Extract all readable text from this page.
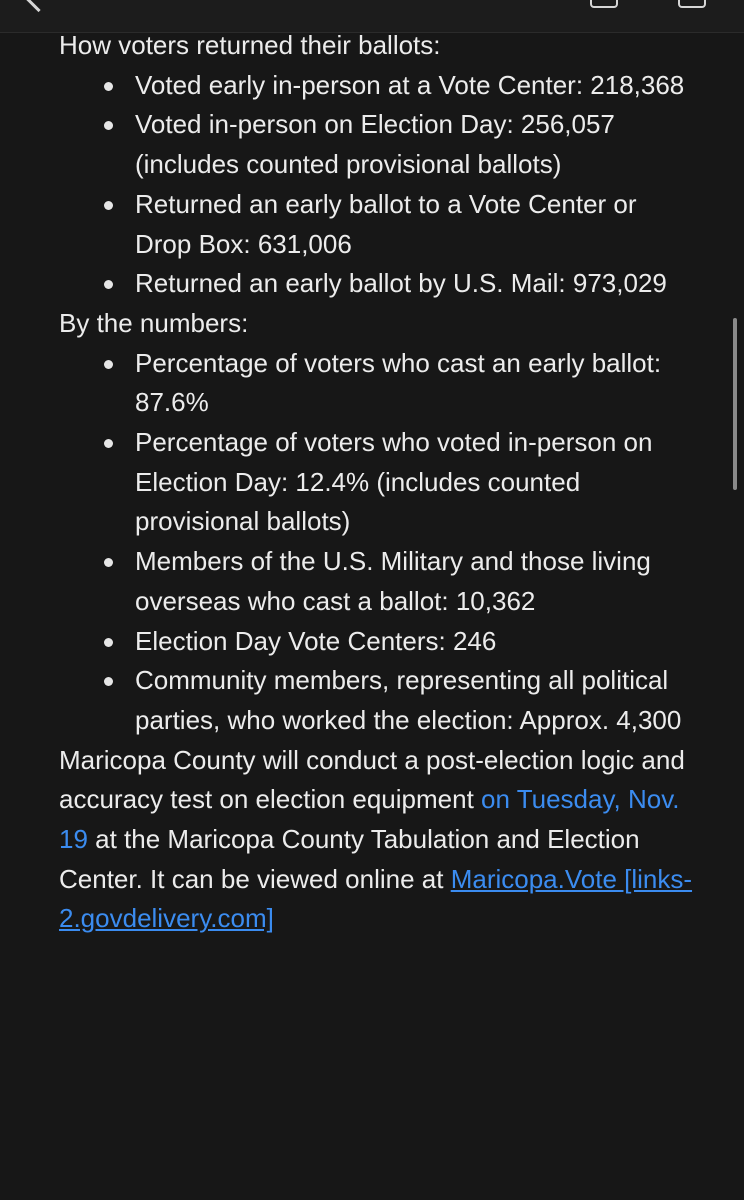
How voters returned their ballots:

Voted early in-person at a Vote Center: 218,368
Voted in-person on Election Day: 256,057 (includes counted provisional ballots)
Returned an early ballot to a Vote Center or Drop Box: 631,006
Returned an early ballot by U.S. Mail: 973,029

By the numbers:

Percentage of voters who cast an early ballot: 87.6%
Percentage of voters who voted in-person on Election Day: 12.4% (includes counted provisional ballots)
Members of the U.S. Military and those living overseas who cast a ballot: 10,362
Election Day Vote Centers: 246
Community members, representing all political parties, who worked the election: Approx. 4,300

Maricopa County will conduct a post-election logic and accuracy test on election equipment on Tuesday, Nov. 19 at the Maricopa County Tabulation and Election Center. It can be viewed online at Maricopa.Vote [links-2.govdelivery.com]
